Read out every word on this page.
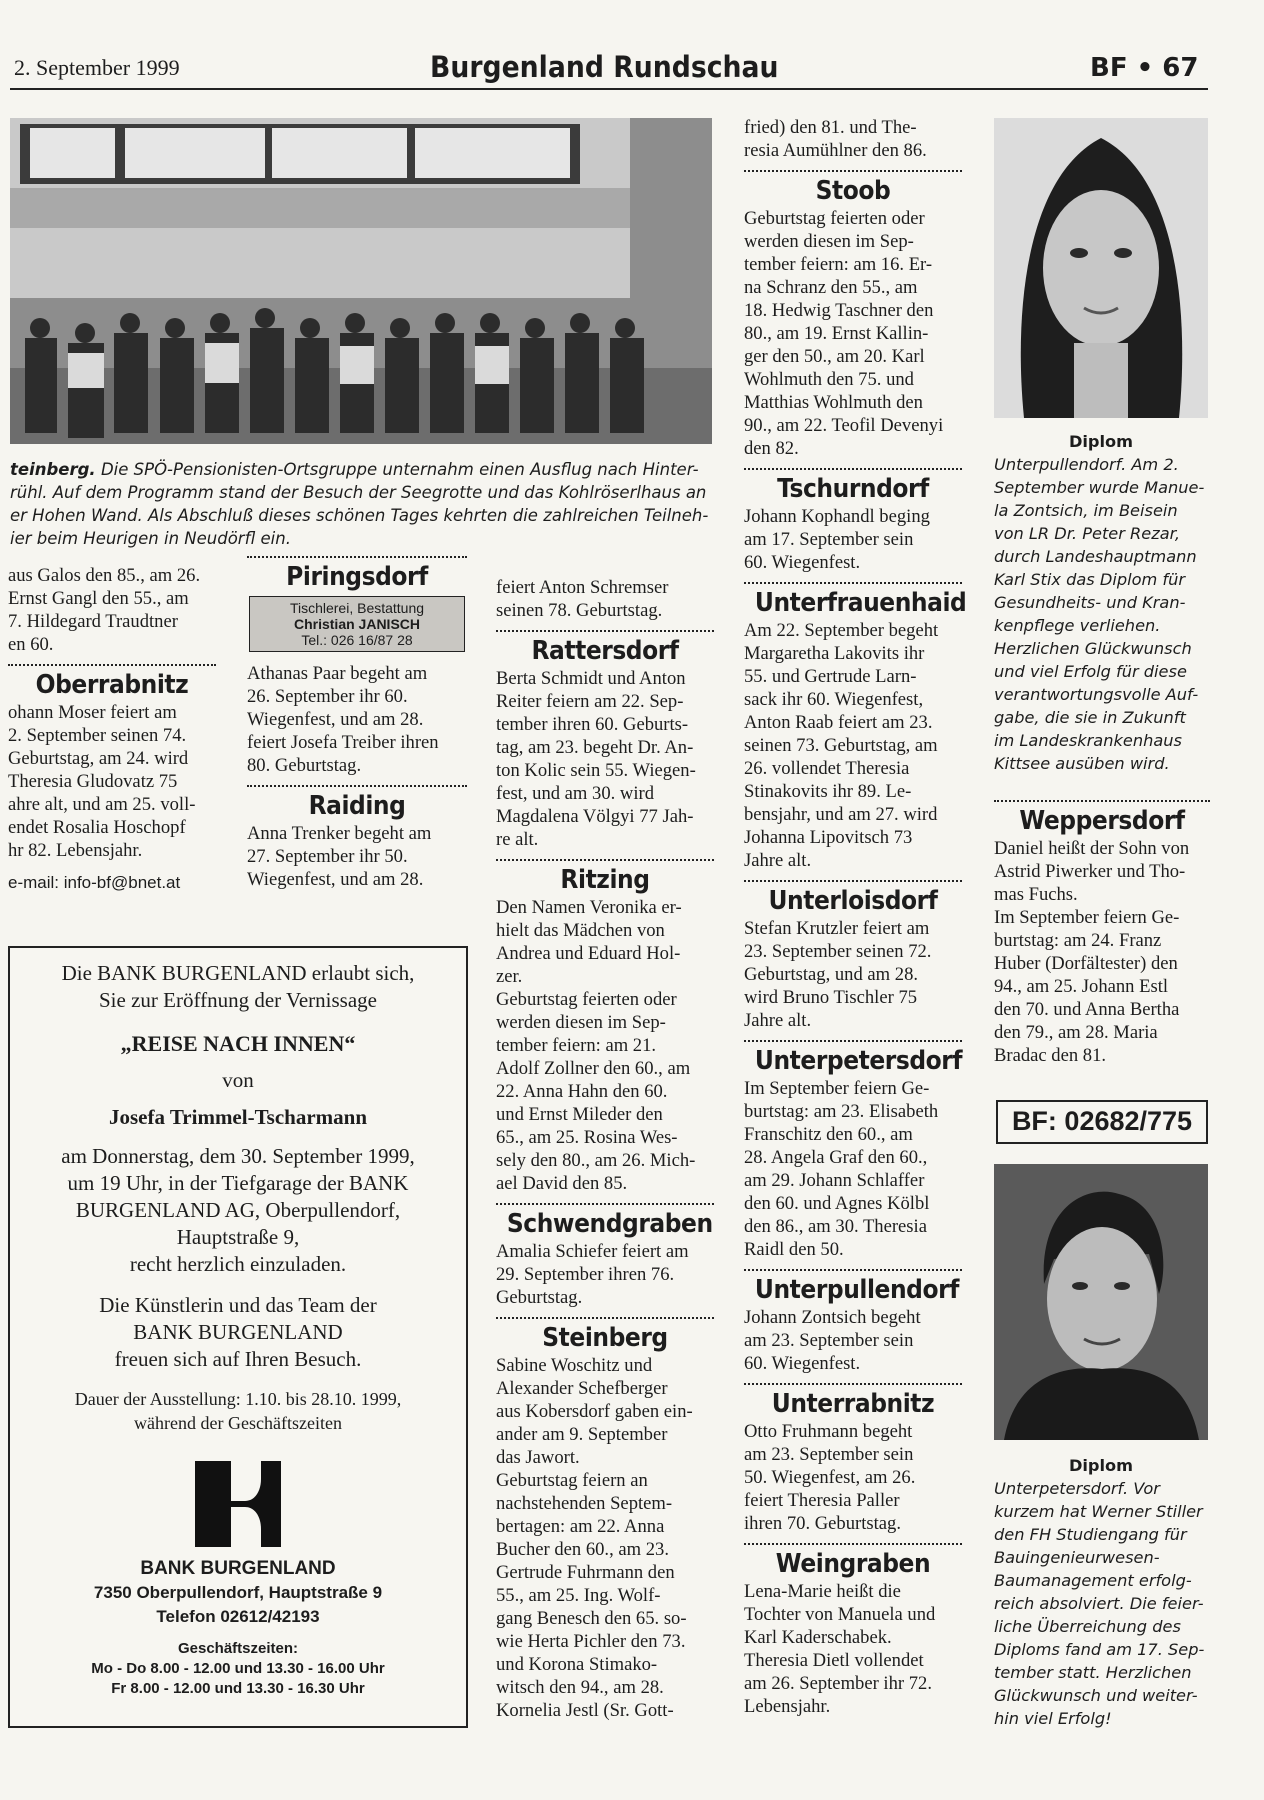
2. September 1999	Burgenland Rundschau	BF • 67
teinberg. Die SPÖ-Pensionisten-Ortsgruppe unternahm einen Ausflug nach Hinter-
rühl. Auf dem Programm stand der Besuch der Seegrotte und das Kohlröserlhaus an
er Hohen Wand. Als Abschluß dieses schönen Tages kehrten die zahlreichen Teilneh-
ier beim Heurigen in Neudörfl ein.

aus Galos den 85., am 26.

Ernst Gangl den 55., am

7. Hildegard Traudtner

en 60.

Oberrabnitz

ohann Moser feiert am

2. September seinen 74.

Geburtstag, am 24. wird

Theresia Gludovatz 75

ahre alt, und am 25. voll-

endet Rosalia Hoschopf

hr 82. Lebensjahr.

e-mail: info-bf@bnet.at

Piringsdorf
Tischlerei, Bestattung
Christian JANISCH
Tel.: 026 16/87 28

Athanas Paar begeht am

26. September ihr 60.

Wiegenfest, und am 28.

feiert Josefa Treiber ihren

80. Geburtstag.

Raiding

Anna Trenker begeht am

27. September ihr 50.

Wiegenfest, und am 28.

Die BANK BURGENLAND erlaubt sich,
Sie zur Eröffnung der Vernissage
„REISE NACH INNEN“
von
Josefa Trimmel-Tscharmann
am Donnerstag, dem 30. September 1999,
um 19 Uhr, in der Tiefgarage der BANK
BURGENLAND AG, Oberpullendorf,
Hauptstraße 9,
recht herzlich einzuladen.
Die Künstlerin und das Team der
BANK BURGENLAND
freuen sich auf Ihren Besuch.
Dauer der Ausstellung: 1.10. bis 28.10. 1999,
während der Geschäftszeiten
BANK BURGENLAND
7350 Oberpullendorf, Hauptstraße 9
Telefon 02612/42193
Geschäftszeiten:
Mo - Do 8.00 - 12.00 und 13.30 - 16.00 Uhr
Fr 8.00 - 12.00 und 13.30 - 16.30 Uhr

feiert Anton Schremser

seinen 78. Geburtstag.

Rattersdorf

Berta Schmidt und Anton

Reiter feiern am 22. Sep-

tember ihren 60. Geburts-

tag, am 23. begeht Dr. An-

ton Kolic sein 55. Wiegen-

fest, und am 30. wird

Magdalena Völgyi 77 Jah-

re alt.

Ritzing

Den Namen Veronika er-

hielt das Mädchen von

Andrea und Eduard Hol-

zer.

Geburtstag feierten oder

werden diesen im Sep-

tember feiern: am 21.

Adolf Zollner den 60., am

22. Anna Hahn den 60.

und Ernst Mileder den

65., am 25. Rosina Wes-

sely den 80., am 26. Mich-

ael David den 85.

Schwendgraben

Amalia Schiefer feiert am

29. September ihren 76.

Geburtstag.

Steinberg

Sabine Woschitz und

Alexander Schefberger

aus Kobersdorf gaben ein-

ander am 9. September

das Jawort.

Geburtstag feiern an

nachstehenden Septem-

bertagen: am 22. Anna

Bucher den 60., am 23.

Gertrude Fuhrmann den

55., am 25. Ing. Wolf-

gang Benesch den 65. so-

wie Herta Pichler den 73.

und Korona Stimako-

witsch den 94., am 28.

Kornelia Jestl (Sr. Gott-

fried) den 81. und The-

resia Aumühlner den 86.

Stoob

Geburtstag feierten oder

werden diesen im Sep-

tember feiern: am 16. Er-

na Schranz den 55., am

18. Hedwig Taschner den

80., am 19. Ernst Kallin-

ger den 50., am 20. Karl

Wohlmuth den 75. und

Matthias Wohlmuth den

90., am 22. Teofil Devenyi

den 82.

Tschurndorf

Johann Kophandl beging

am 17. September sein

60. Wiegenfest.

Unterfrauenhaid

Am 22. September begeht

Margaretha Lakovits ihr

55. und Gertrude Larn-

sack ihr 60. Wiegenfest,

Anton Raab feiert am 23.

seinen 73. Geburtstag, am

26. vollendet Theresia

Stinakovits ihr 89. Le-

bensjahr, und am 27. wird

Johanna Lipovitsch 73

Jahre alt.

Unterloisdorf

Stefan Krutzler feiert am

23. September seinen 72.

Geburtstag, und am 28.

wird Bruno Tischler 75

Jahre alt.

Unterpetersdorf

Im September feiern Ge-

burtstag: am 23. Elisabeth

Franschitz den 60., am

28. Angela Graf den 60.,

am 29. Johann Schlaffer

den 60. und Agnes Kölbl

den 86., am 30. Theresia

Raidl den 50.

Unterpullendorf

Johann Zontsich begeht

am 23. September sein

60. Wiegenfest.

Unterrabnitz

Otto Fruhmann begeht

am 23. September sein

50. Wiegenfest, am 26.

feiert Theresia Paller

ihren 70. Geburtstag.

Weingraben

Lena-Marie heißt die

Tochter von Manuela und

Karl Kaderschabek.

Theresia Dietl vollendet

am 26. September ihr 72.

Lebensjahr.

Diplom
Unterpullendorf. Am 2.
September wurde Manue-
la Zontsich, im Beisein
von LR Dr. Peter Rezar,
durch Landeshauptmann
Karl Stix das Diplom für
Gesundheits- und Kran-
kenpflege verliehen.
Herzlichen Glückwunsch
und viel Erfolg für diese
verantwortungsvolle Auf-
gabe, die sie in Zukunft
im Landeskrankenhaus
Kittsee ausüben wird.
Weppersdorf

Daniel heißt der Sohn von

Astrid Piwerker und Tho-

mas Fuchs.

Im September feiern Ge-

burtstag: am 24. Franz

Huber (Dorfältester) den

94., am 25. Johann Estl

den 70. und Anna Bertha

den 79., am 28. Maria

Bradac den 81.

BF: 02682/775
Diplom
Unterpetersdorf. Vor
kurzem hat Werner Stiller
den FH Studiengang für
Bauingenieurwesen-
Baumanagement erfolg-
reich absolviert. Die feier-
liche Überreichung des
Diploms fand am 17. Sep-
tember statt. Herzlichen
Glückwunsch und weiter-
hin viel Erfolg!
